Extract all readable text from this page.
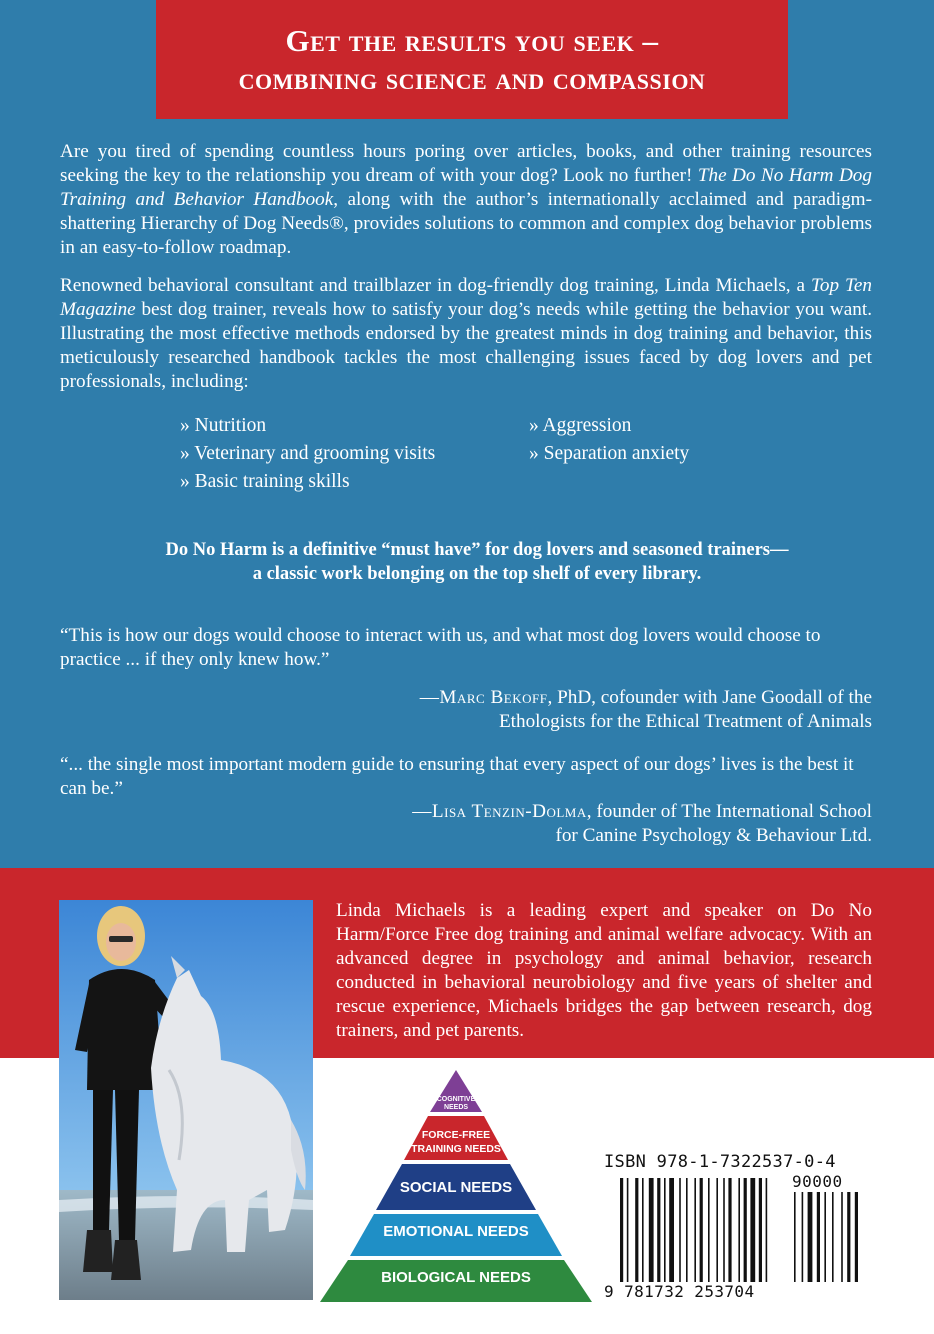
Get the results you seek –
combining science and compassion

Are you tired of spending countless hours poring over articles, books, and other training resources seeking the key to the relationship you dream of with your dog? Look no further! The Do No Harm Dog Training and Behavior Handbook, along with the author’s internationally acclaimed and paradigm-shattering Hierarchy of Dog Needs®, provides solutions to common and complex dog behavior problems in an easy-to-follow roadmap.

Renowned behavioral consultant and trailblazer in dog-friendly dog training, Linda Michaels, a Top Ten Magazine best dog trainer, reveals how to satisfy your dog’s needs while getting the behavior you want. Illustrating the most effective methods endorsed by the greatest minds in dog training and behavior, this meticulously researched handbook tackles the most challenging issues faced by dog lovers and pet professionals, including:

» Nutrition
» Veterinary and grooming visits
» Basic training skills
» Aggression
» Separation anxiety
Do No Harm is a definitive “must have” for dog lovers and seasoned trainers—
a classic work belonging on the top shelf of every library.
“This is how our dogs would choose to interact with us, and what most dog lovers would choose to practice ... if they only knew how.”
—Marc Bekoff, PhD, cofounder with Jane Goodall of the
Ethologists for the Ethical Treatment of Animals
“... the single most important modern guide to ensuring that every aspect of our dogs’ lives is the best it can be.”
—Lisa Tenzin-Dolma, founder of The International School
for Canine Psychology & Behaviour Ltd.

Linda Michaels is a leading expert and speaker on Do No Harm/Force Free dog training and animal welfare advocacy. With an advanced degree in psychology and animal behavior, research conducted in behavioral neurobiology and five years of shelter and rescue experience, Michaels bridges the gap between research, dog trainers, and pet parents.

COGNITIVE
NEEDS
FORCE-FREE
TRAINING NEEDS
SOCIAL NEEDS
EMOTIONAL NEEDS
BIOLOGICAL NEEDS
ISBN 978-1-7322537-0-4
90000
9 781732 253704
